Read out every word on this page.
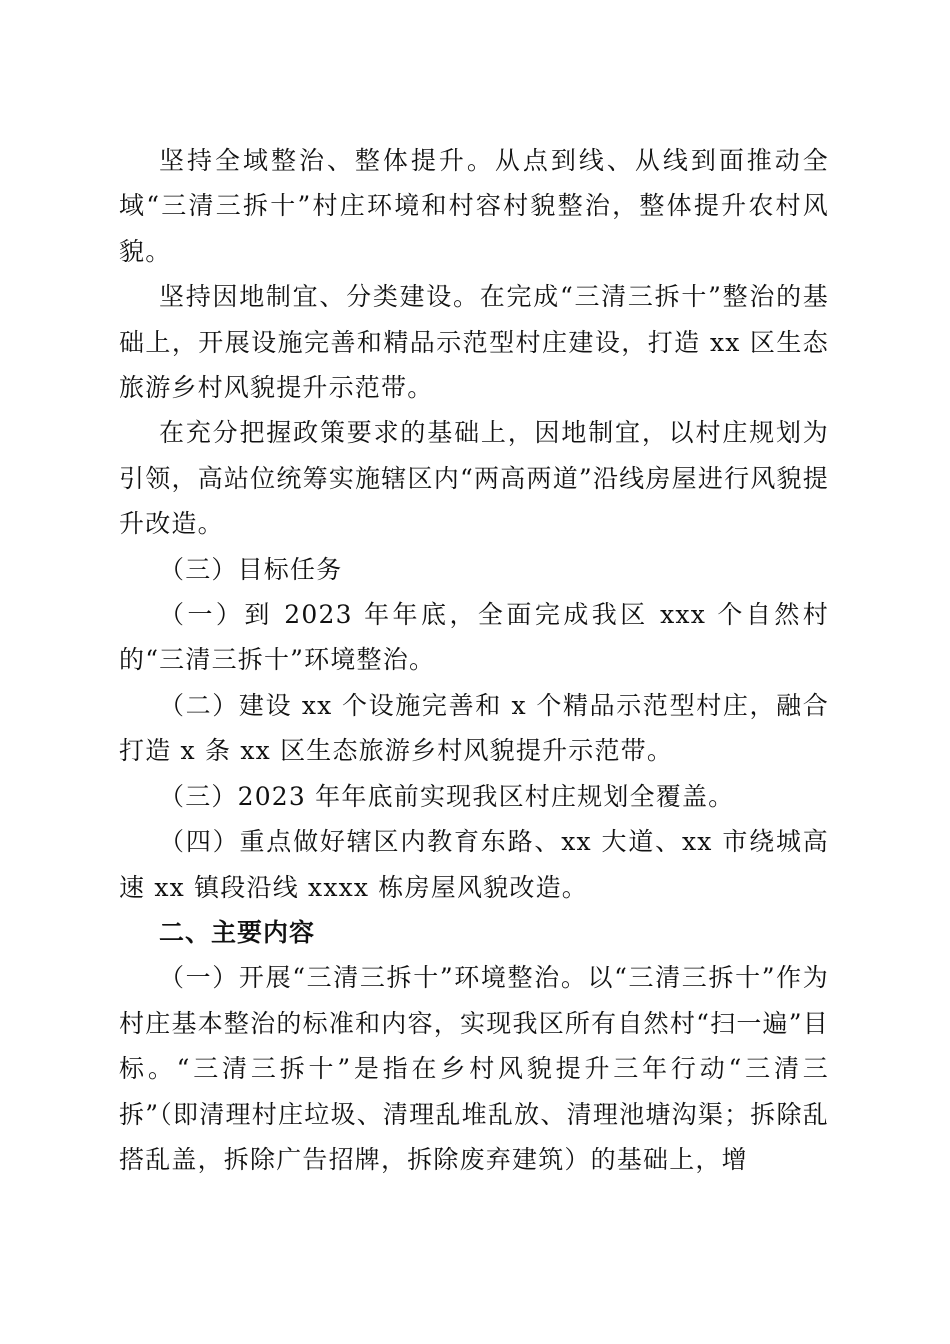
坚持全域整治、整体提升。从点到线、从线到面推动全域“三清三拆十”村庄环境和村容村貌整治，整体提升农村风貌。

坚持因地制宜、分类建设。在完成“三清三拆十”整治的基础上，开展设施完善和精品示范型村庄建设，打造 xx 区生态旅游乡村风貌提升示范带。

在充分把握政策要求的基础上，因地制宜，以村庄规划为引领，高站位统筹实施辖区内“两高两道”沿线房屋进行风貌提升改造。

（三）目标任务

（一）到 2023 年年底，全面完成我区 xxx 个自然村的“三清三拆十”环境整治。

（二）建设 xx 个设施完善和 x 个精品示范型村庄，融合打造 x 条 xx 区生态旅游乡村风貌提升示范带。

（三）2023 年年底前实现我区村庄规划全覆盖。

（四）重点做好辖区内教育东路、xx 大道、xx 市绕城高速 xx 镇段沿线 xxxx 栋房屋风貌改造。

二、主要内容

（一）开展“三清三拆十”环境整治。以“三清三拆十”作为村庄基本整治的标准和内容，实现我区所有自然村“扫一遍”目标。“三清三拆十”是指在乡村风貌提升三年行动“三清三拆”（即清理村庄垃圾、清理乱堆乱放、清理池塘沟渠；拆除乱搭乱盖，拆除广告招牌，拆除废弃建筑）的基础上，增
